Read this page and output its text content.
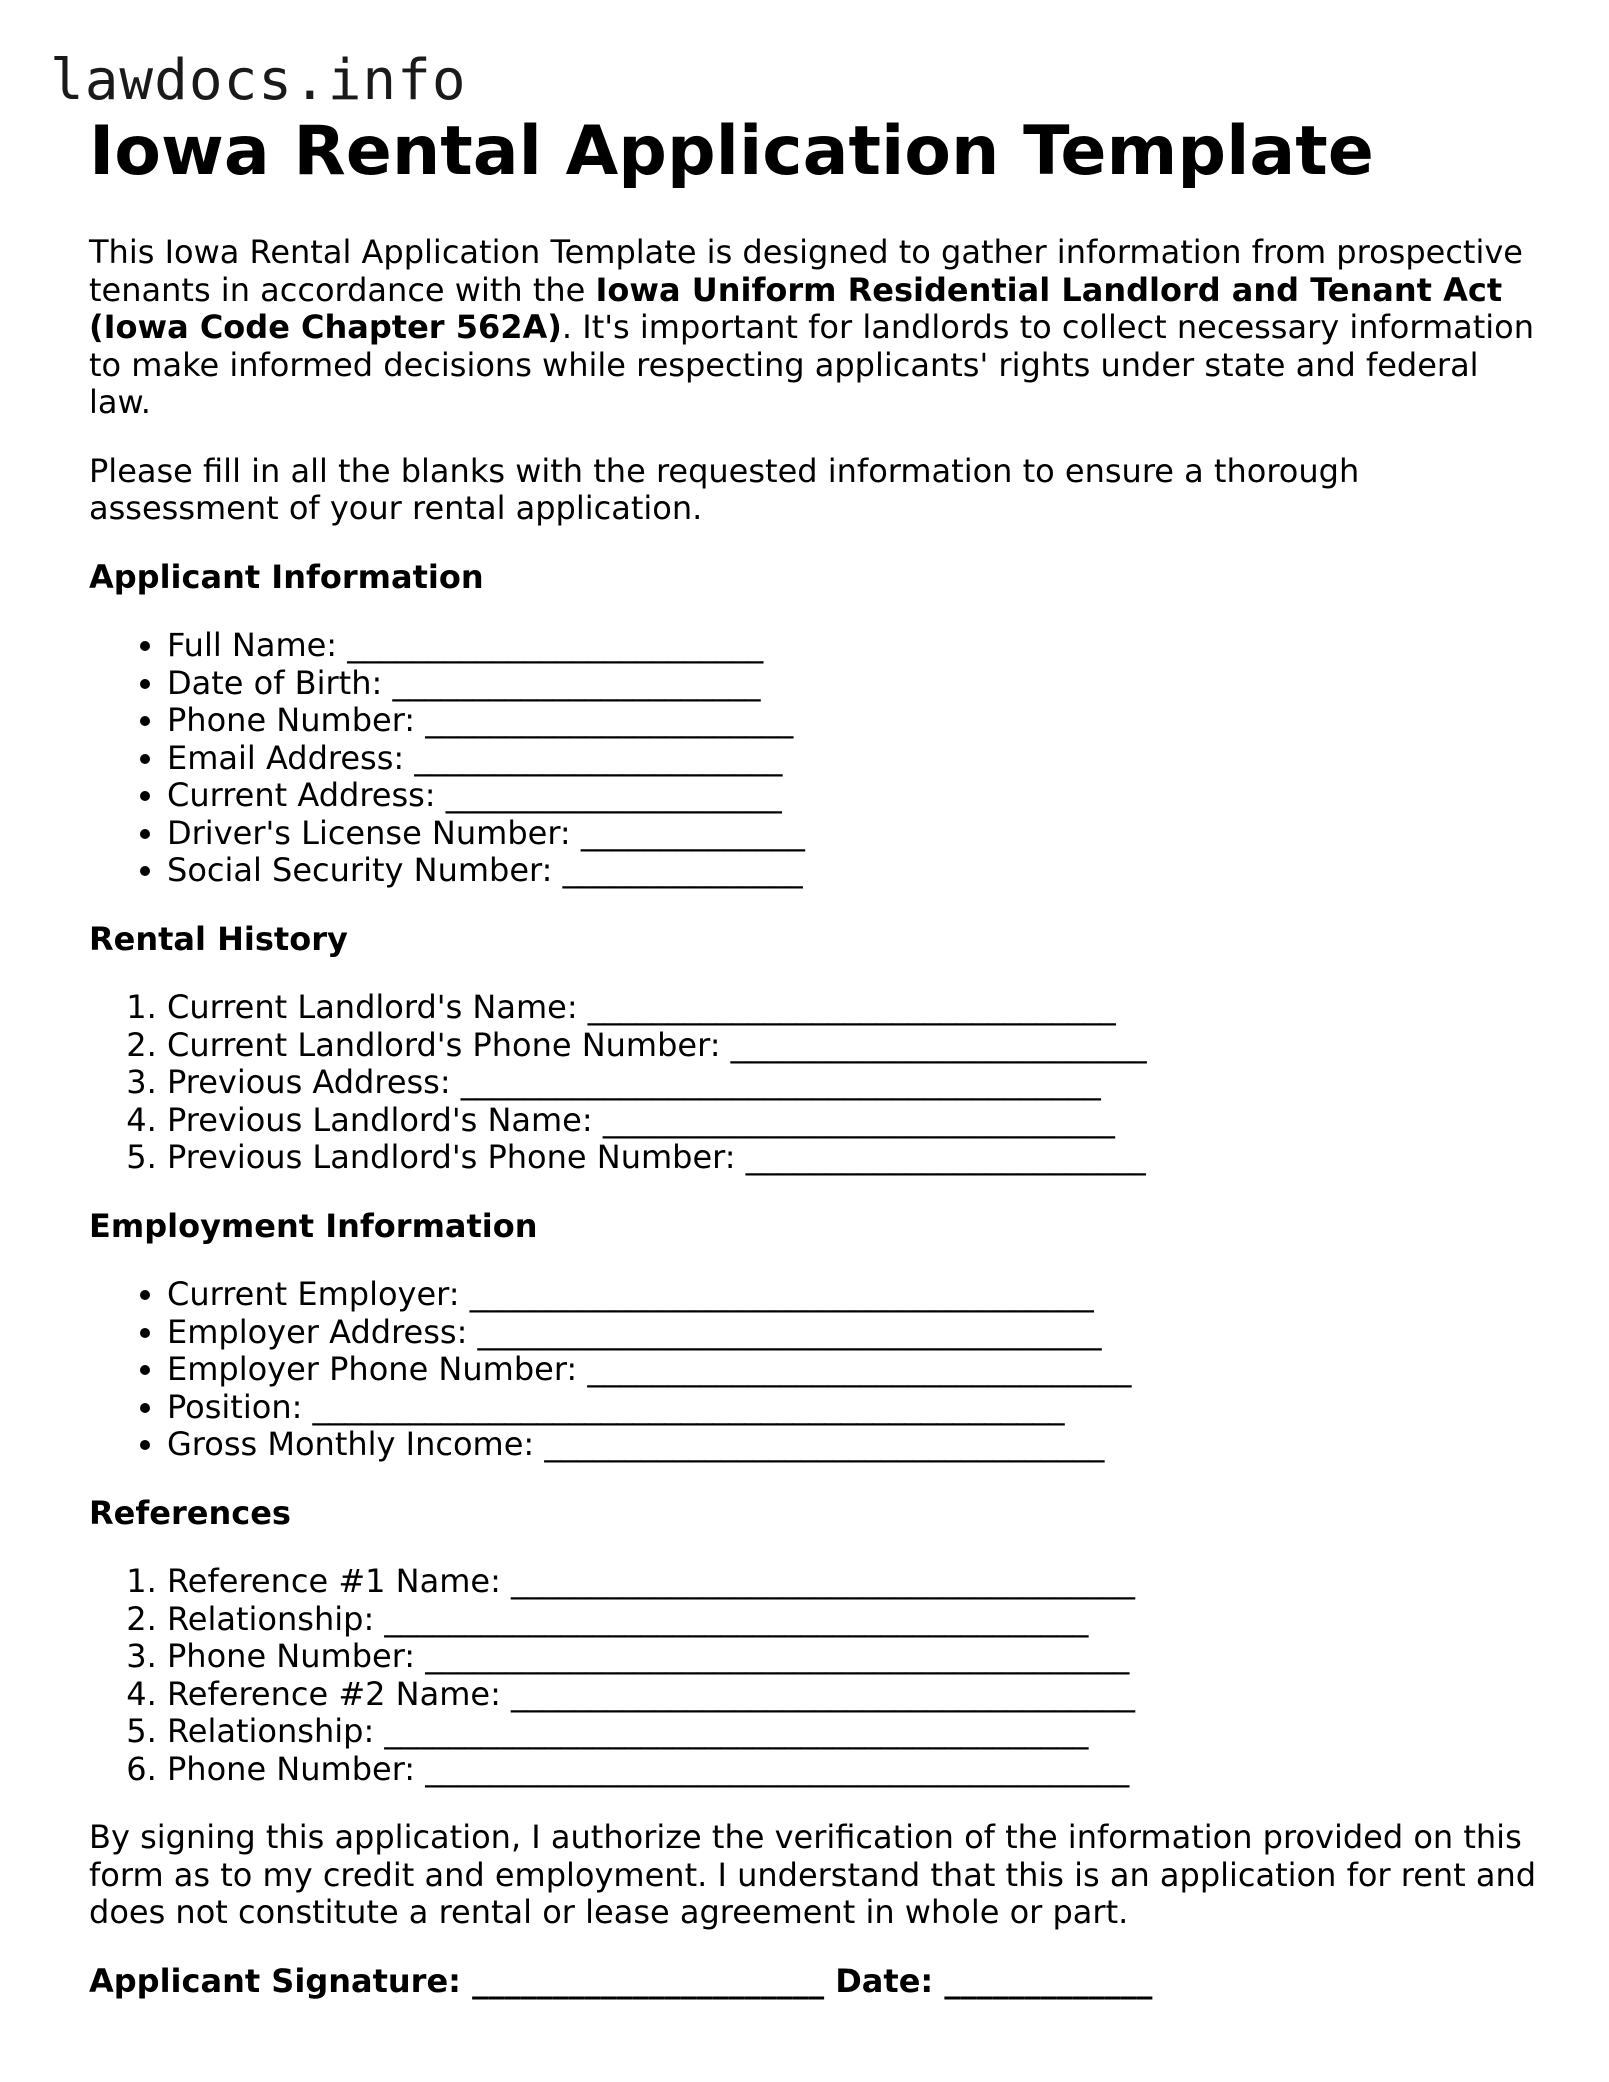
lawdocs.info
Iowa Rental Application Template

This Iowa Rental Application Template is designed to gather information from prospective tenants in accordance with the Iowa Uniform Residential Landlord and Tenant Act (Iowa Code Chapter 562A). It's important for landlords to collect necessary information to make informed decisions while respecting applicants' rights under state and federal law.

Please fill in all the blanks with the requested information to ensure a thorough assessment of your rental application.

Applicant Information
• Full Name: __________________________
• Date of Birth: _______________________
• Phone Number: _______________________
• Email Address: _______________________
• Current Address: _____________________
• Driver's License Number: ______________
• Social Security Number: _______________
Rental History
1. Current Landlord's Name: _________________________________
2. Current Landlord's Phone Number: __________________________
3. Previous Address: ________________________________________
4. Previous Landlord's Name: ________________________________
5. Previous Landlord's Phone Number: _________________________
Employment Information
• Current Employer: _______________________________________
• Employer Address: _______________________________________
• Employer Phone Number: __________________________________
• Position: _______________________________________________
• Gross Monthly Income: ___________________________________
References
1. Reference #1 Name: _______________________________________
2. Relationship: ____________________________________________
3. Phone Number: ____________________________________________
4. Reference #2 Name: _______________________________________
5. Relationship: ____________________________________________
6. Phone Number: ____________________________________________

By signing this application, I authorize the verification of the information provided on this form as to my credit and employment. I understand that this is an application for rent and does not constitute a rental or lease agreement in whole or part.

Applicant Signature: ______________________ Date: _____________
